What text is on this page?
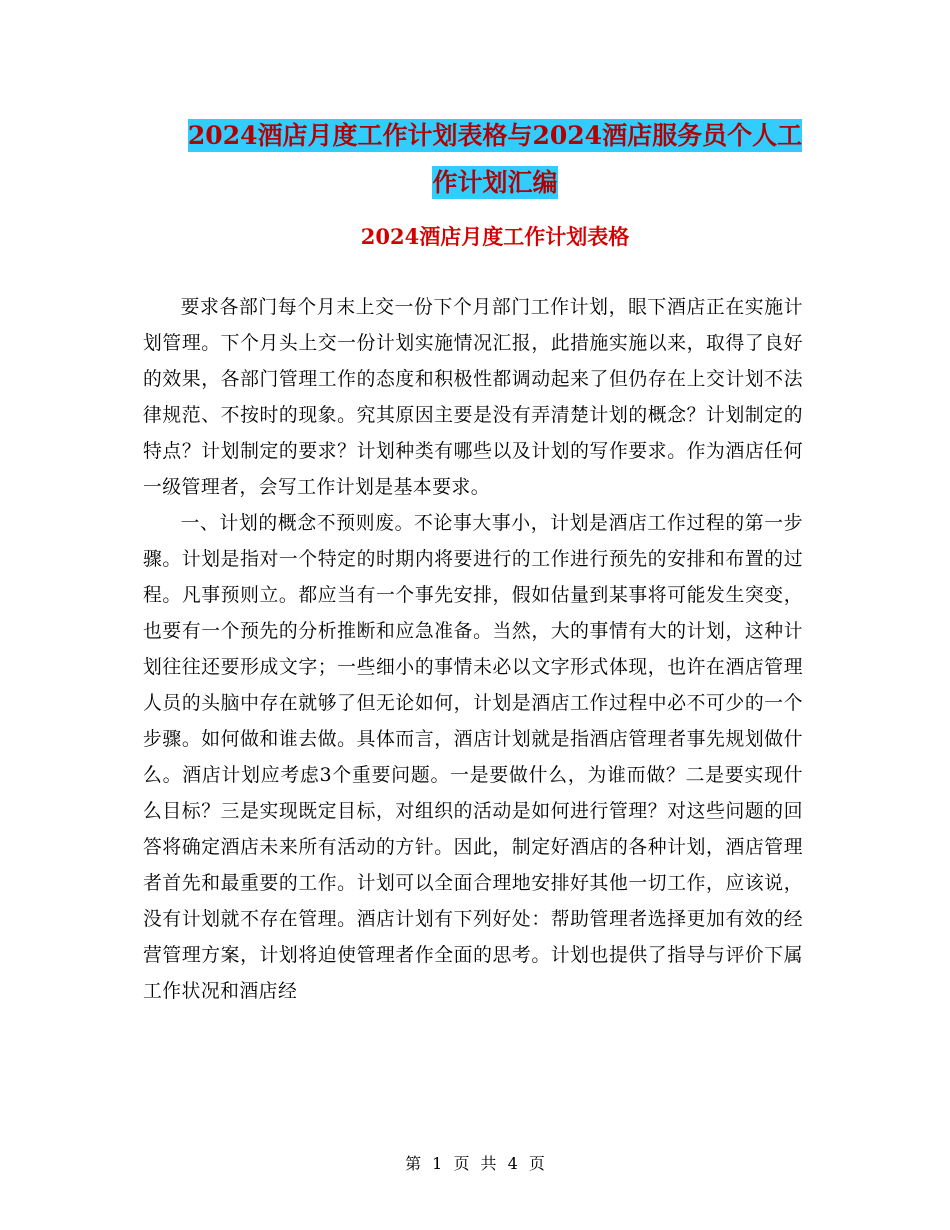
2024酒店月度工作计划表格与2024酒店服务员个人工
作计划汇编
2024酒店月度工作计划表格

要求各部门每个月末上交一份下个月部门工作计划，眼下酒店正在实施计划管理。下个月头上交一份计划实施情况汇报，此措施实施以来，取得了良好的效果，各部门管理工作的态度和积极性都调动起来了但仍存在上交计划不法律规范、不按时的现象。究其原因主要是没有弄清楚计划的概念？计划制定的特点？计划制定的要求？计划种类有哪些以及计划的写作要求。作为酒店任何一级管理者，会写工作计划是基本要求。

一、计划的概念不预则废。不论事大事小，计划是酒店工作过程的第一步骤。计划是指对一个特定的时期内将要进行的工作进行预先的安排和布置的过程。凡事预则立。都应当有一个事先安排，假如估量到某事将可能发生突变，也要有一个预先的分析推断和应急准备。当然，大的事情有大的计划，这种计划往往还要形成文字；一些细小的事情未必以文字形式体现，也许在酒店管理人员的头脑中存在就够了但无论如何，计划是酒店工作过程中必不可少的一个步骤。如何做和谁去做。具体而言，酒店计划就是指酒店管理者事先规划做什么。酒店计划应考虑3个重要问题。一是要做什么，为谁而做？二是要实现什么目标？三是实现既定目标，对组织的活动是如何进行管理？对这些问题的回答将确定酒店未来所有活动的方针。因此，制定好酒店的各种计划，酒店管理者首先和最重要的工作。计划可以全面合理地安排好其他一切工作，应该说，没有计划就不存在管理。酒店计划有下列好处：帮助管理者选择更加有效的经营管理方案，计划将迫使管理者作全面的思考。计划也提供了指导与评价下属工作状况和酒店经

第 1 页 共 4 页
